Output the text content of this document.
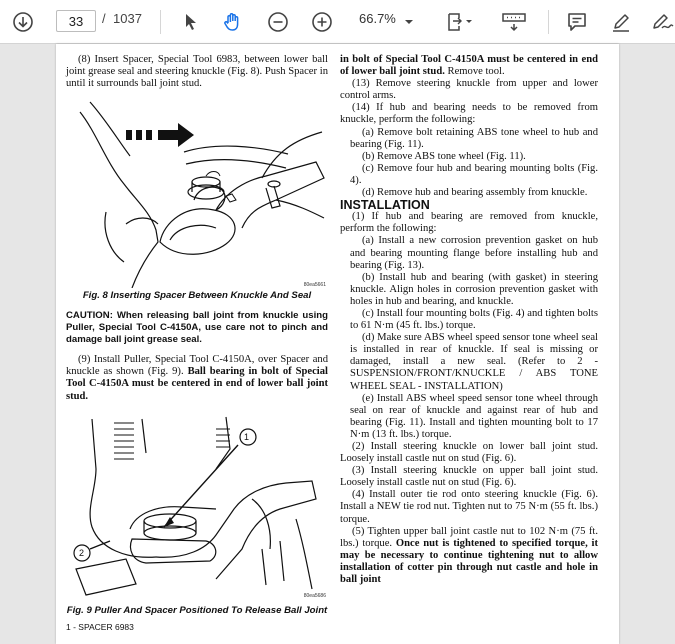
33	/ 1037	66.7%

(8) Insert Spacer, Special Tool 6983, between lower ball joint grease seal and steering knuckle (Fig. 8). Push Spacer in until it surrounds ball joint stud.

80ea5661

Fig. 8 Inserting Spacer Between Knuckle And Seal

CAUTION: When releasing ball joint from knuckle using Puller, Special Tool C-4150A, use care not to pinch and damage ball joint grease seal.

(9) Install Puller, Special Tool C-4150A, over Spacer and knuckle as shown (Fig. 9). Ball bearing in bolt of Special Tool C-4150A must be centered in end of lower ball joint stud.

1
2
80ea5686

Fig. 9 Puller And Spacer Positioned To Release Ball Joint

1 - SPACER 6983

in bolt of Special Tool C-4150A must be centered in end of lower ball joint stud. Remove tool.

(13) Remove steering knuckle from upper and lower control arms.

(14) If hub and bearing needs to be removed from knuckle, perform the following:

(a) Remove bolt retaining ABS tone wheel to hub and bearing (Fig. 11).

(b) Remove ABS tone wheel (Fig. 11).

(c) Remove four hub and bearing mounting bolts (Fig. 4).

(d) Remove hub and bearing assembly from knuckle.

INSTALLATION

(1) If hub and bearing are removed from knuckle, perform the following:

(a) Install a new corrosion prevention gasket on hub and bearing mounting flange before installing hub and bearing (Fig. 13).

(b) Install hub and bearing (with gasket) in steering knuckle. Align holes in corrosion prevention gasket with holes in hub and bearing, and knuckle.

(c) Install four mounting bolts (Fig. 4) and tighten bolts to 61 N·m (45 ft. lbs.) torque.

(d) Make sure ABS wheel speed sensor tone wheel seal is installed in rear of knuckle. If seal is missing or damaged, install a new seal. (Refer to 2 - SUSPENSION/FRONT/KNUCKLE / ABS TONE WHEEL SEAL - INSTALLATION)

(e) Install ABS wheel speed sensor tone wheel through seal on rear of knuckle and against rear of hub and bearing (Fig. 11). Install and tighten mounting bolt to 17 N·m (13 ft. lbs.) torque.

(2) Install steering knuckle on lower ball joint stud. Loosely install castle nut on stud (Fig. 6).

(3) Install steering knuckle on upper ball joint stud. Loosely install castle nut on stud (Fig. 6).

(4) Install outer tie rod onto steering knuckle (Fig. 6). Install a NEW tie rod nut. Tighten nut to 75 N·m (55 ft. lbs.) torque.

(5) Tighten upper ball joint castle nut to 102 N·m (75 ft. lbs.) torque. Once nut is tightened to specified torque, it may be necessary to continue tightening nut to allow installation of cotter pin through nut castle and hole in ball joint
